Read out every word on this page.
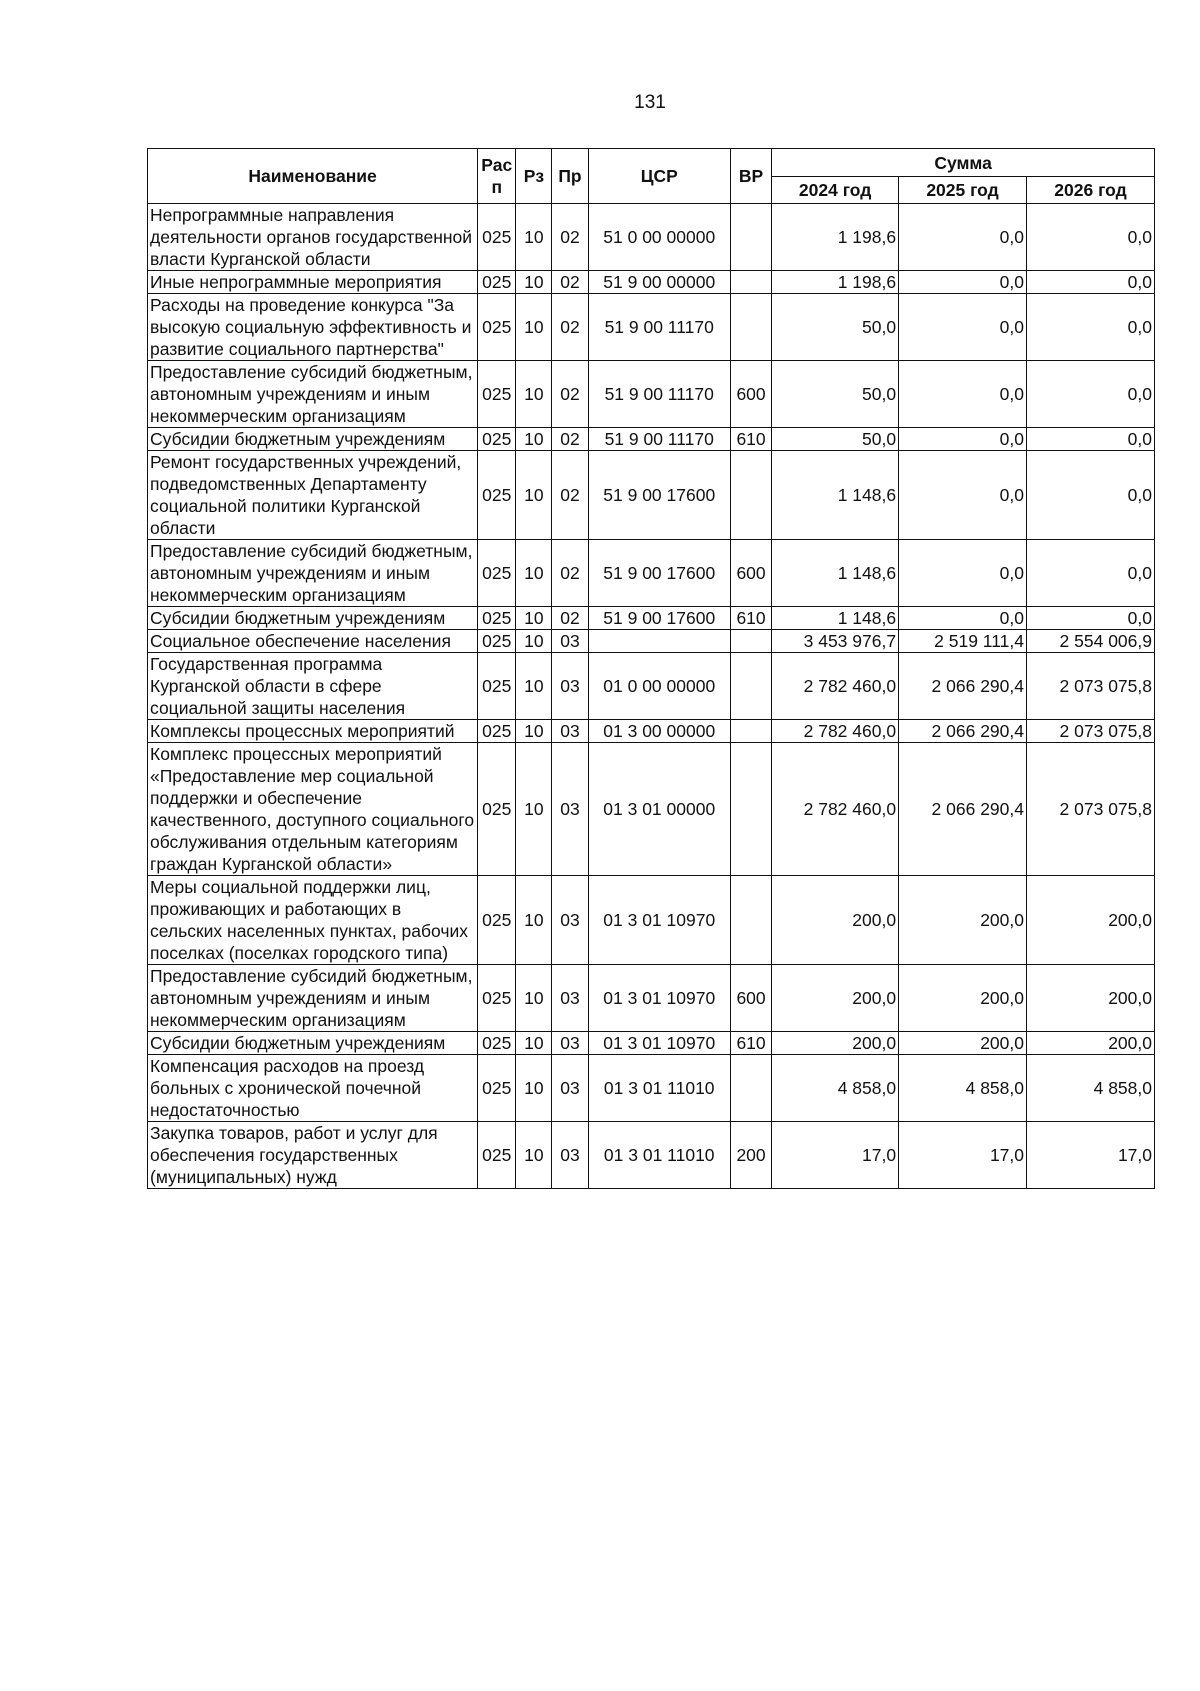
131
Наименование	Рас п	Рз	Пр	ЦСР	ВР	Сумма		
						2024 год	2025 год	2026 год
Непрограммные направления деятельности органов государственной власти Курганской области	025	10	02	51 0 00 00000		1 198,6	0,0	0,0
Иные непрограммные мероприятия	025	10	02	51 9 00 00000		1 198,6	0,0	0,0
Расходы на проведение конкурса "За высокую социальную эффективность и развитие социального партнерства"	025	10	02	51 9 00 11170		50,0	0,0	0,0
Предоставление субсидий бюджетным, автономным учреждениям и иным некоммерческим организациям	025	10	02	51 9 00 11170	600	50,0	0,0	0,0
Субсидии бюджетным учреждениям	025	10	02	51 9 00 11170	610	50,0	0,0	0,0
Ремонт государственных учреждений, подведомственных Департаменту социальной политики Курганской области	025	10	02	51 9 00 17600		1 148,6	0,0	0,0
Предоставление субсидий бюджетным, автономным учреждениям и иным некоммерческим организациям	025	10	02	51 9 00 17600	600	1 148,6	0,0	0,0
Субсидии бюджетным учреждениям	025	10	02	51 9 00 17600	610	1 148,6	0,0	0,0
Социальное обеспечение населения	025	10	03			3 453 976,7	2 519 111,4	2 554 006,9
Государственная программа Курганской области в сфере социальной защиты населения	025	10	03	01 0 00 00000		2 782 460,0	2 066 290,4	2 073 075,8
Комплексы процессных мероприятий	025	10	03	01 3 00 00000		2 782 460,0	2 066 290,4	2 073 075,8
Комплекс процессных мероприятий «Предоставление мер социальной поддержки и обеспечение качественного, доступного социального обслуживания отдельным категориям граждан Курганской области»	025	10	03	01 3 01 00000		2 782 460,0	2 066 290,4	2 073 075,8
Меры социальной поддержки лиц, проживающих и работающих в сельских населенных пунктах, рабочих поселках (поселках городского типа)	025	10	03	01 3 01 10970		200,0	200,0	200,0
Предоставление субсидий бюджетным, автономным учреждениям и иным некоммерческим организациям	025	10	03	01 3 01 10970	600	200,0	200,0	200,0
Субсидии бюджетным учреждениям	025	10	03	01 3 01 10970	610	200,0	200,0	200,0
Компенсация расходов на проезд больных с хронической почечной недостаточностью	025	10	03	01 3 01 11010		4 858,0	4 858,0	4 858,0
Закупка товаров, работ и услуг для обеспечения государственных (муниципальных) нужд	025	10	03	01 3 01 11010	200	17,0	17,0	17,0
